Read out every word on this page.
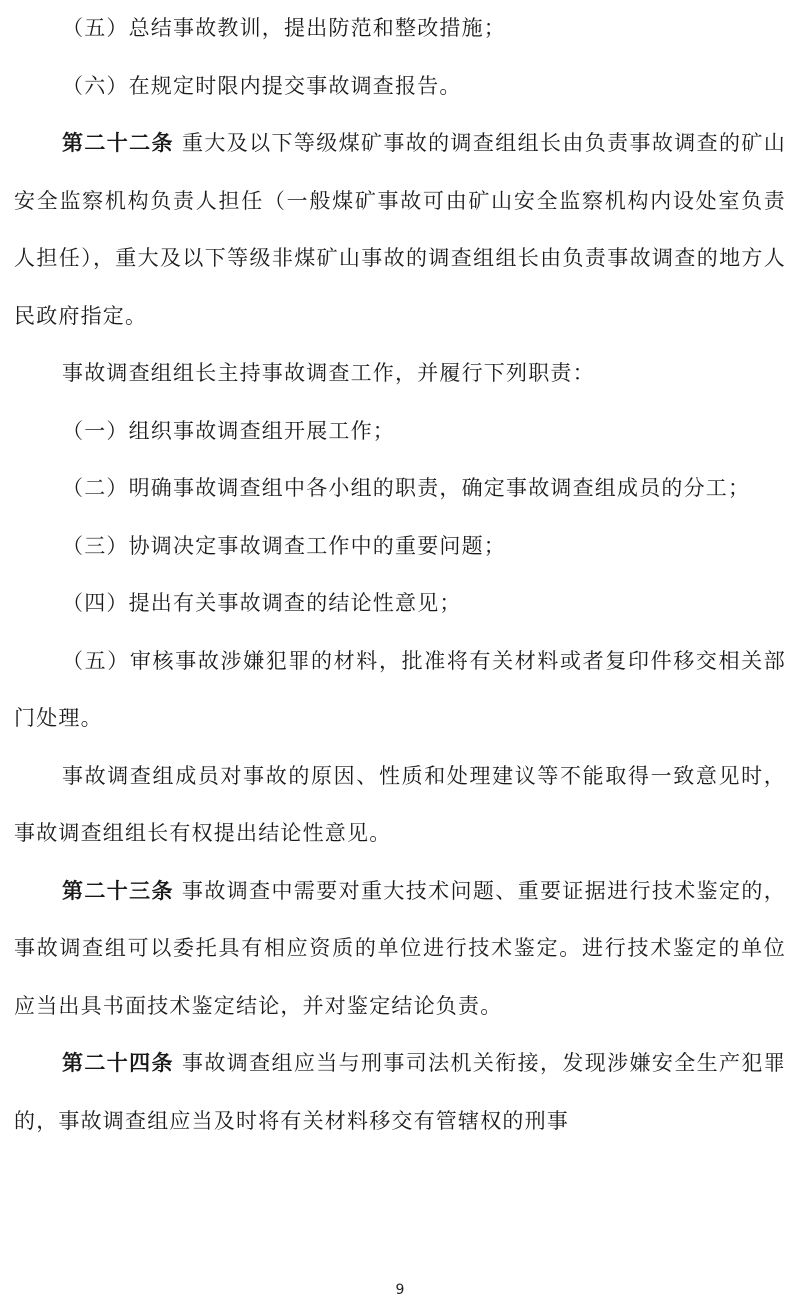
（五）总结事故教训，提出防范和整改措施；

（六）在规定时限内提交事故调查报告。

第二十二条 重大及以下等级煤矿事故的调查组组长由负责事故调查的矿山安全监察机构负责人担任（一般煤矿事故可由矿山安全监察机构内设处室负责人担任），重大及以下等级非煤矿山事故的调查组组长由负责事故调查的地方人民政府指定。

事故调查组组长主持事故调查工作，并履行下列职责：

（一）组织事故调查组开展工作；

（二）明确事故调查组中各小组的职责，确定事故调查组成员的分工；

（三）协调决定事故调查工作中的重要问题；

（四）提出有关事故调查的结论性意见；

（五）审核事故涉嫌犯罪的材料，批准将有关材料或者复印件移交相关部门处理。

事故调查组成员对事故的原因、性质和处理建议等不能取得一致意见时，事故调查组组长有权提出结论性意见。

第二十三条 事故调查中需要对重大技术问题、重要证据进行技术鉴定的，事故调查组可以委托具有相应资质的单位进行技术鉴定。进行技术鉴定的单位应当出具书面技术鉴定结论，并对鉴定结论负责。

第二十四条 事故调查组应当与刑事司法机关衔接，发现涉嫌安全生产犯罪的，事故调查组应当及时将有关材料移交有管辖权的刑事

9
